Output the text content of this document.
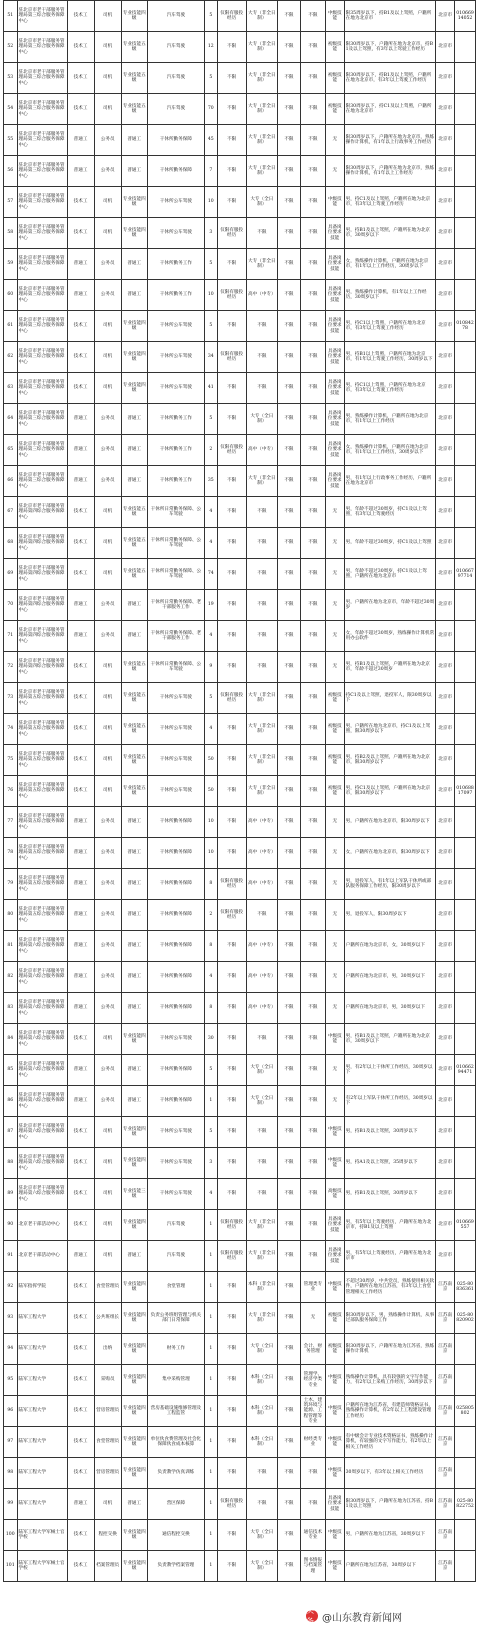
51	驻北京市老干部服务管理局第三综合服务保障中心	技术工	司机	专业技能四级	汽车驾驶	5	仅限有服役经历	大专（非全日制）	不限	不限	中级技能	限35周岁以下，持B1及以上驾照，户籍所在地为北京市	北京市	01066914052
52	驻北京市老干部服务管理局第三综合服务保障中心	技术工	司机	专业技能五级	汽车驾驶	12	不限	大专（非全日制）	不限	不限	初级技能	限30周岁以下，户籍所在地为北京市，持B1及以上驾照，有3年以上驾驶工作经历	北京市	
53	驻北京市老干部服务管理局第三综合服务保障中心	技术工	司机	专业技能五级	汽车驾驶	5	不限	大专（非全日制）	不限	不限	初级技能	限30周岁以下，持B1及以上驾照，户籍所在地为北京市，有3年以上驾驶工作经历	北京市	
54	驻北京市老干部服务管理局第三综合服务保障中心	技术工	司机	专业技能五级	汽车驾驶	70	不限	大专（非全日制）	不限	不限	初级技能	限30周岁以下，持C1及以上驾照，户籍所在地为北京市	北京市	
55	驻北京市老干部服务管理局第三综合服务保障中心	普通工	公务员	普通工	干休所勤务保障	45	不限	大专（非全日制）	不限	不限	无	限30周岁以下，户籍所在地为北京市，熟练操作计算机，有1年以上行政事务工作经历	北京市	
56	驻北京市老干部服务管理局第三综合服务保障中心	普通工	公务员	普通工	干休所勤务保障	7	不限	大专（非全日制）	不限	不限	无	限30周岁以下，户籍所在地为北京市，熟练操作计算机，有1年以上工作经历	北京市	
57	驻北京市老干部服务管理局第三综合服务保障中心	技术工	司机	专业技能四级	干休所公车驾驶	10	不限	大专（全日制）	不限	不限	中级技能	男，持C1及以上驾照，户籍所在地为北京市，有3年以上驾驶工作经历	北京市	
58	驻北京市老干部服务管理局第三综合服务保障中心	技术工	司机	专业技能四级	干休所公车驾驶	3	仅限有服役经历	不限	不限	不限	具备岗位要求技能	男，持B1及以上驾照，户籍所在地为北京市，30周岁以下	北京市	
59	驻北京市老干部服务管理局第三综合服务保障中心	普通工	公务员	普通工	干休所勤务工作	5	不限	大专（非全日制）	不限	不限	具备岗位要求技能	女，熟练操作计算机，户籍所在地为北京市，有1年以上工作经历，30周岁以下	北京市	
60	驻北京市老干部服务管理局第三综合服务保障中心	普通工	公务员	普通工	干休所勤务工作	10	仅限有服役经历	高中（中专）	不限	不限	具备岗位要求技能	男，熟练操作计算机，有1年以上工作经历，30周岁以下	北京市	
61	驻北京市老干部服务管理局第三综合服务保障中心	技术工	司机	专业技能四级	干休所公车驾驶	5	不限	不限	不限	不限	具备岗位要求技能	男，持C1以上驾照，户籍所在地为北京市，有3年以上驾驶工作经历	北京市	01084278
62	驻北京市老干部服务管理局第三综合服务保障中心	技术工	司机	专业技能四级	干休所公车驾驶	34	仅限有服役经历	不限	不限	不限	具备岗位要求技能	男，持B1以上驾照，户籍所在地为北京市，有1年以上驾驶工作经历，30周岁以下	北京市	
63	驻北京市老干部服务管理局第三综合服务保障中心	技术工	司机	专业技能四级	干休所公车驾驶	41	不限	不限	不限	不限	具备岗位要求技能	男，持C1以上驾照，户籍所在地为北京市，有3年以上驾驶工作经历	北京市	
64	驻北京市老干部服务管理局第三综合服务保障中心	普通工	公务员	普通工	干休所勤务工作	5	不限	大专（全日制）	不限	不限	具备岗位要求技能	男，熟练操作计算机，户籍所在地为北京市，有1年以上工作经历	北京市	
65	驻北京市老干部服务管理局第三综合服务保障中心	普通工	公务员	普通工	干休所勤务工作	2	仅限有服役经历	高中（中专）	不限	不限	具备岗位要求技能	女，熟练操作计算机，户籍所在地为北京市，有1年以上工作经历，30周岁以下	北京市	
66	驻北京市老干部服务管理局第三综合服务保障中心	普通工	公务员	普通工	干休所勤务工作	35	不限	大专（非全日制）	不限	不限	具备岗位要求技能	男，有1年以上行政事务工作经历，户籍所在地为北京市	北京市	
67	驻北京市老干部服务管理局第四综合服务保障中心	技术工	司机	专业技能五级	干休所日常勤务保障、公车驾驶	4	不限	不限	不限	不限	无	男，年龄不超过30周岁，持C1及以上驾照，有3年以上驾驶经历	北京市	
68	驻北京市老干部服务管理局第四综合服务保障中心	技术工	司机	专业技能五级	干休所日常勤务保障、公车驾驶	4	不限	不限	不限	不限	无	男，年龄不超过30周岁，持C1及以上驾照	北京市	
69	驻北京市老干部服务管理局第四综合服务保障中心	技术工	司机	专业技能五级	干休所日常勤务保障、公车驾驶	74	不限	不限	不限	不限	无	男，年龄不超过30周岁，持C1及以上驾照，户籍所在地为北京市	北京市	01066797714
70	驻北京市老干部服务管理局第四综合服务保障中心	普通工	公务员	普通工	干休所日常勤务保障、老干部服务工作	19	不限	不限	不限	不限	无	男，户籍所在地为北京市，年龄不超过30周岁	北京市	
71	驻北京市老干部服务管理局第四综合服务保障中心	普通工	公务员	普通工	干休所日常勤务保障、老干部服务工作	4	不限	不限	不限	不限	无	女，年龄不超过30周岁，熟练操作计算机常用办公软件	北京市	
72	驻北京市老干部服务管理局第四综合服务保障中心	技术工	司机	专业技能五级	干休所日常勤务保障、公车驾驶	9	不限	不限	不限	不限	无	男，持B1及以上驾照，户籍所在地为北京市，年龄不超过30周岁	北京市	
73	驻北京市老干部服务管理局第五综合服务保障中心	技术工	司机	专业技能五级	干休所公车驾驶	5	仅限有服役经历	大专（非全日制）	不限	不限	初级技能	持C1及以上驾照，退役军人，限30周岁以下	北京市	
74	驻北京市老干部服务管理局第五综合服务保障中心	技术工	司机	专业技能五级	干休所公车驾驶	4	不限	大专（非全日制）	不限	不限	初级技能	男，户籍所在地为北京市，持C1及以上驾照，限30周岁以下	北京市	
75	驻北京市老干部服务管理局第五综合服务保障中心	技术工	司机	专业技能五级	干休所公车驾驶	50	不限	大专（非全日制）	不限	不限	初级技能	男，持B2及以上驾照，户籍所在地为北京市，限30周岁以下	北京市	
76	驻北京市老干部服务管理局第五综合服务保障中心	技术工	司机	专业技能五级	干休所公车驾驶	50	不限	大专（非全日制）	不限	不限	初级技能	男，持C1及以上驾照，户籍所在地为北京市，限30周岁以下	北京市	01068817097
77	驻北京市老干部服务管理局第五综合服务保障中心	普通工	公务员	普通工	干休所勤务保障	10	不限	高中（中专）	不限	不限	无	男，户籍所在地为北京市，限30周岁以下	北京市	
78	驻北京市老干部服务管理局第五综合服务保障中心	普通工	公务员	普通工	干休所勤务保障	10	不限	高中（中专）	不限	不限	无	女，户籍所在地为北京市，限30周岁以下	北京市	
79	驻北京市老干部服务管理局第五综合服务保障中心	普通工	公务员	普通工	干休所勤务保障	8	仅限有服役经历	高中（中专）	不限	不限	无	男，退役军人，有1年以上军队干休所或部队服务保障工作经历，限30周岁以下	北京市	
80	驻北京市老干部服务管理局第五综合服务保障中心	普通工	公务员	普通工	干休所勤务保障	2	仅限有服役经历	不限	不限	不限	无	男，退役军人，限30周岁以下	北京市	
81	驻北京市老干部服务管理局第六综合服务保障中心	普通工	公务员	普通工	干休所勤务保障	8	不限	高中（中专）	不限	不限	无	户籍所在地为北京市，女，30周岁以下	北京市	
82	驻北京市老干部服务管理局第六综合服务保障中心	普通工	公务员	普通工	干休所勤务保障	4	不限	高中（中专）	不限	不限	无	户籍所在地为北京市，男，30周岁以下	北京市	
83	驻北京市老干部服务管理局第六综合服务保障中心	普通工	公务员	普通工	干休所勤务保障	8	不限	高中（中专）	不限	不限	无	户籍所在地为北京市，男，30周岁以下	北京市	
84	驻北京市老干部服务管理局第六综合服务保障中心	技术工	司机	专业技能四级	干休所公车驾驶	30	不限	不限	不限	不限	中级技能	男，持B1及以上驾照，户籍所在地为北京市，30周岁以下	北京市	
85	驻北京市老干部服务管理局第六综合服务保障中心	普通工	公务员	普通工	干休所勤务保障	5	不限	大专（全日制）	不限	不限	无	男，有2年以上干休所工作经历，30周岁以下	北京市	01066294471
86	驻北京市老干部服务管理局第六综合服务保障中心	普通工	公务员	普通工	干休所勤务保障	1	不限	大专（全日制）	不限	不限	无	有2年以上军队干休所工作经历，30周岁以下	北京市	
87	驻北京市老干部服务管理局第六综合服务保障中心	技术工	司机	专业技能四级	干休所公车驾驶	5	不限	不限	不限	不限	中级技能	男，持B1及以上驾照，30周岁以下	北京市	
88	驻北京市老干部服务管理局第六综合服务保障中心	技术工	司机	专业技能四级	干休所公车驾驶	3	不限	不限	不限	不限	中级技能	男，持A1及以上驾照，35周岁以下	北京市	
89	驻北京市老干部服务管理局第六综合服务保障中心	技术工	司机	专业技能三级	干休所公车驾驶	4	不限	不限	不限	不限	高级技能	男，持B1及以上驾照，30周岁以下	北京市	
90	北京老干部活动中心	技术工	司机	专业技能四级	汽车驾驶	1	仅限有服役经历	大专（非全日制）	不限	不限	具备岗位要求技能	男，有5年以上驾驶经历，户籍所在地为北京市，持B1及以上驾照	北京市	010669557
91	北京老干部活动中心	普通工	司机	普通工	汽车驾驶	1	仅限有服役经历	大专（非全日制）	不限	不限	具备岗位要求技能	男，有5年以上驾驶经历，户籍所在地为北京市	北京市	
92	陆军指挥学院	技术工	食堂管理员	专业技能四级	食堂管理	1	不限	本科（非全日制）	不限	管理类专业	中级技能	不超过30周岁，中共党员，熟练使用相关软件，户籍所在地为江苏省，有3年以上食堂管理相关工作经历	江苏南京	025-80836361
93	陆军工程大学	技术工	公共班组长	专业技能四级	负责公务班组管理与机关部门日常保障	1	不限	大专（非全日制）	不限	无	初级技能	限30周岁以下，男，熟练操作计算机，从事过部队服务保障工作	江苏南京	025-80820902
94	陆军工程大学	技术工	出纳	专业技能四级	财务工作	1	不限	大专（全日制）	不限	会计、财务管理	初级技能	限30周岁以下，户籍所在地为江苏省，熟练操作计算机	江苏南京	
95	陆军工程大学	技术工	采购员	专业技能四级	集中采购管理	1	不限	本科（全日制）	不限	管理学、经济学类专业	中级技能	熟练操作计算机，具有较强的文字写作能力，有2年以上采购工作经历，30周岁以下	江苏南京	
96	陆军工程大学	技术工	营房管理员	专业技能四级	营房基础设施维修管理及工程监管	1	不限	本科（全日制）	不限	土木、建筑环境与能源、工程管理等专业	中级技能	户籍所在地为江苏省，有建造师资格证书，熟练操作计算机，有2年以上工程建设管理工作经历	江苏南京	025805802
97	陆军工程大学	技术工	食堂管理员	专业技能四级	单位伙食费管理及社会化保障伙食成本核算	1	不限	本科（全日制）	不限	财经类专业	中级技能	有中级会计专业技术资格证书，熟练操作计算机，有较强的文字写作能力，有2年以上相关工作经历	江苏南京	
98	陆军工程大学	技术工	营房管理员	专业技能四级	负责教学仿真训练	1	不限	不限	不限	不限	中级技能	30周岁以下，有3年以上相关工作经历	江苏南京	
99	陆军工程大学	普通工	司机	普通工	营区保障	1	仅限有服役经历	不限	不限	不限	具备岗位要求技能	限30周岁以下，户籍所在地为江苏省，持B1及以上驾照	江苏南京	025-80822752
100	陆军工程大学军械士官学校	技术工	程控交换	专业技能四级	通信程控交换	1	不限	大专（全日制）	不限	通信技术专业	中级技能	男，户籍所在地为江苏省，30周岁以下	江苏南京	
101	陆军工程大学军械士官学校	技术工	档案管理员	专业技能四级	负责教学档案管理	1	不限	大专（全日制）	不限	图书情报与档案管理	中级技能	户籍所在地为江苏省，30周岁以下	江苏南京	
头条 @山东教育新闻网
